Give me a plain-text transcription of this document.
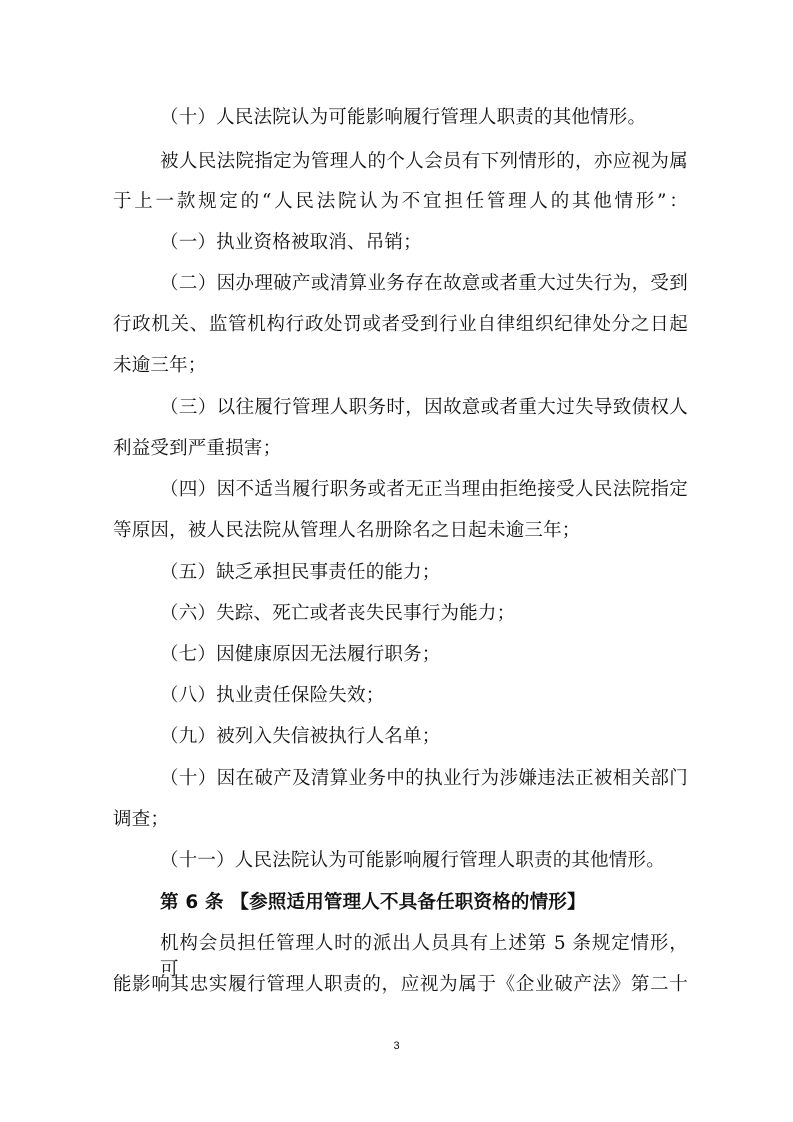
（十）人民法院认为可能影响履行管理人职责的其他情形。
被人民法院指定为管理人的个人会员有下列情形的，亦应视为属
于上一款规定的“人民法院认为不宜担任管理人的其他情形”：
（一）执业资格被取消、吊销；
（二）因办理破产或清算业务存在故意或者重大过失行为，受到
行政机关、监管机构行政处罚或者受到行业自律组织纪律处分之日起
未逾三年；
（三）以往履行管理人职务时，因故意或者重大过失导致债权人
利益受到严重损害；
（四）因不适当履行职务或者无正当理由拒绝接受人民法院指定
等原因，被人民法院从管理人名册除名之日起未逾三年；
（五）缺乏承担民事责任的能力；
（六）失踪、死亡或者丧失民事行为能力；
（七）因健康原因无法履行职务；
（八）执业责任保险失效；
（九）被列入失信被执行人名单；
（十）因在破产及清算业务中的执业行为涉嫌违法正被相关部门
调查；
（十一）人民法院认为可能影响履行管理人职责的其他情形。
第 6 条 【参照适用管理人不具备任职资格的情形】
机构会员担任管理人时的派出人员具有上述第 5 条规定情形，可
能影响其忠实履行管理人职责的，应视为属于《企业破产法》第二十
3
